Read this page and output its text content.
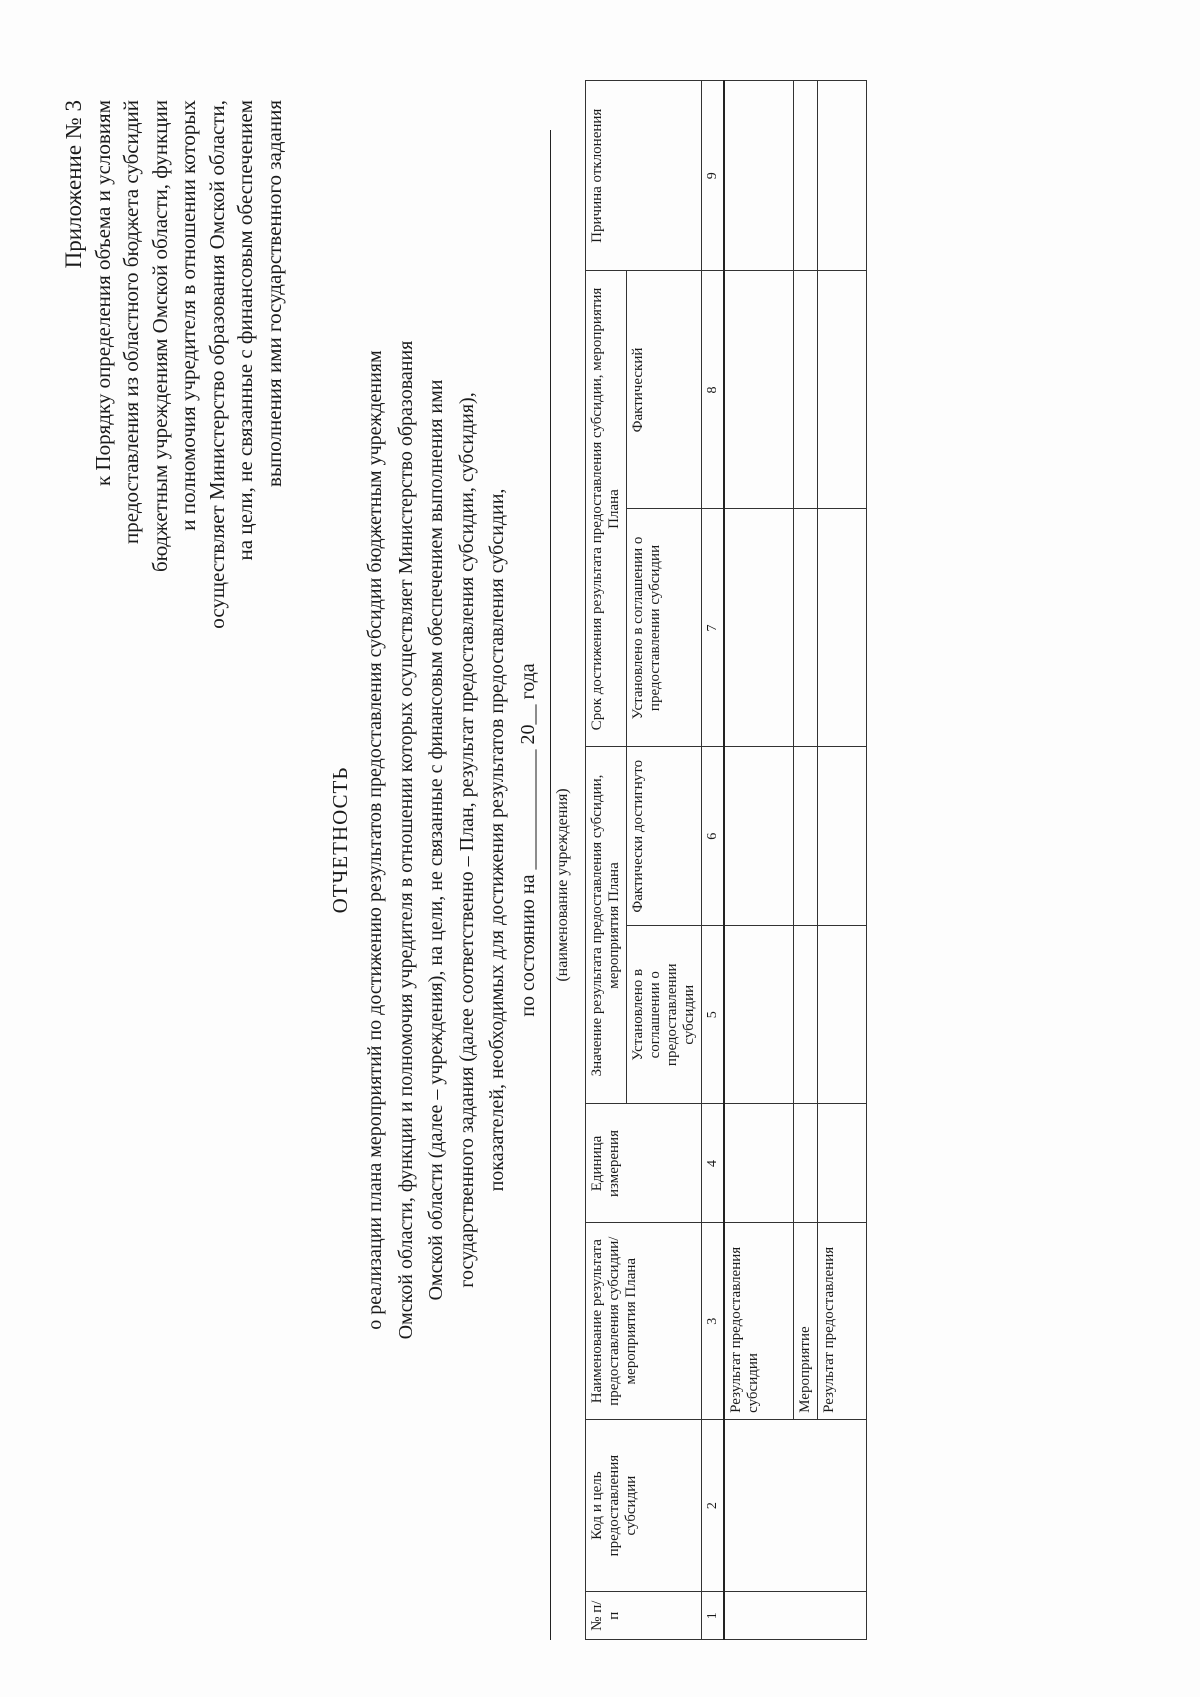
Приложение № 3 к Порядку определения объема и условиям предоставления из областного бюджета субсидий бюджетным учреждениям Омской области, функции и полномочия учредителя в отношении которых осуществляет Министерство образования Омской области, на цели, не связанные с финансовым обеспечением выполнения ими государственного задания
ОТЧЕТНОСТЬ о реализации плана мероприятий по достижению результатов предоставления субсидии бюджетным учреждениям Омской области, функции и полномочия учредителя в отношении которых осуществляет Министерство образования Омской области (далее – учреждения), на цели, не связанные с финансовым обеспечением выполнения ими государственного задания (далее соответственно – План, результат предоставления субсидии, субсидия), показателей, необходимых для достижения результатов предоставления субсидии, по состоянию на ____________ 20__ года (наименование учреждения)
№ п/п	Код и цель предоставления субсидии	Наименование результата предоставления субсидии/ мероприятия Плана	Единица измерения	Значение результата предоставления субсидии, мероприятия Плана		Срок достижения результата предоставления субсидии, мероприятия Плана		Причина отклонения
				Установлено в соглашении о предоставлении субсидии	Фактически достигнуто	Установлено в соглашении о предоставлении субсидии	Фактический	
1	2	3	4	5	6	7	8	9
		Результат предоставления субсидии						
		Мероприятие						
		Результат предоставления						
